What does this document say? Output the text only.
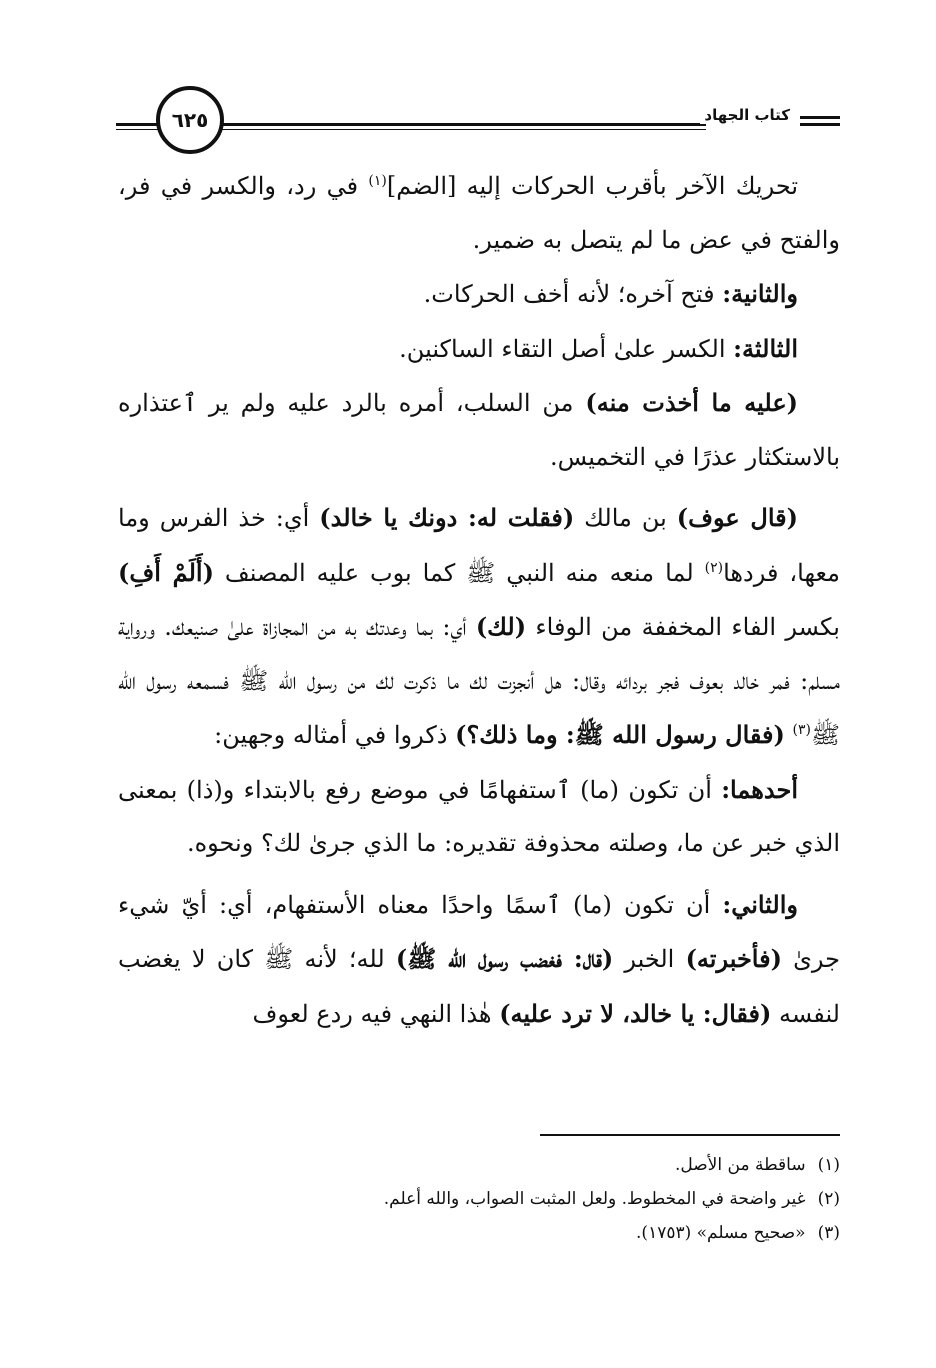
٦٢٥	كتاب الجهاد

تحريك الآخر بأقرب الحركات إليه [الضم]$^{(١)}$ في رد، والكسر في فر، والفتح في عض ما لم يتصل به ضمير.

والثانية: فتح آخره؛ لأنه أخف الحركات.

الثالثة: الكسر علىٰ أصل التقاء الساكنين.

(عليه ما أخذت منه) من السلب، أمره بالرد عليه ولم ير ٱعتذاره بالاستكثار عذرًا في التخميس.

(قال عوف) بن مالك (فقلت له: دونك يا خالد) أي: خذ الفرس وما معها، فردها$^{(٢)}$ لما منعه منه النبي ﷺ كما بوب عليه المصنف (أَلَمْ أَفِ) بكسر الفاء المخففة من الوفاء (لك) أي: بما وعدتك به من المجازاة علىٰ صنيعك. ورواية مسلم: فمر خالد بعوف فجر بردائه وقال: هل أنجزت لك ما ذكرت لك من رسول الله ﷺ فسمعه رسول الله ﷺ$^{(٣)}$ (فقال رسول الله ﷺ: وما ذلك؟) ذكروا في أمثاله وجهين:

أحدهما: أن تكون (ما) ٱستفهامًا في موضع رفع بالابتداء و(ذا) بمعنى الذي خبر عن ما، وصلته محذوفة تقديره: ما الذي جرىٰ لك؟ ونحوه.

والثاني: أن تكون (ما) ٱسمًا واحدًا معناه الأستفهام، أي: أيّ شيء جرىٰ (فأخبرته) الخبر (قال: فغضب رسول الله ﷺ) لله؛ لأنه ﷺ كان لا يغضب لنفسه (فقال: يا خالد، لا ترد عليه) هٰذا النهي فيه ردع لعوف

(١)ساقطة من الأصل.
(٢)غير واضحة في المخطوط. ولعل المثبت الصواب، والله أعلم.
(٣)«صحيح مسلم» (١٧٥٣).
